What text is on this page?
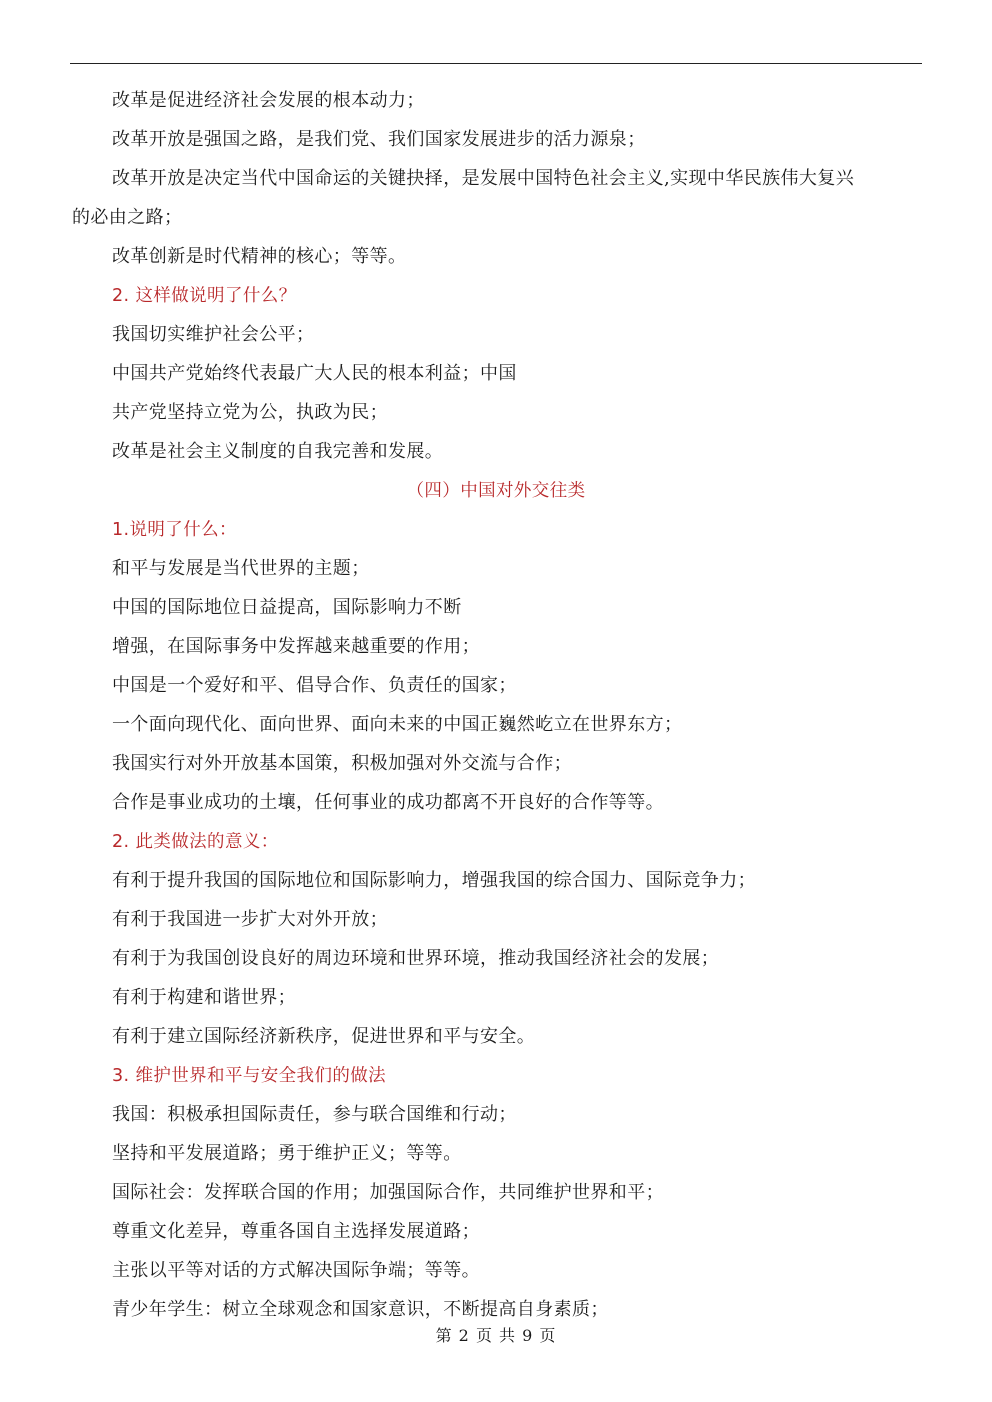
改革是促进经济社会发展的根本动力；
改革开放是强国之路，是我们党、我们国家发展进步的活力源泉；
改革开放是决定当代中国命运的关键抉择，是发展中国特色社会主义,实现中华民族伟大复兴
的必由之路；
改革创新是时代精神的核心；等等。
2. 这样做说明了什么？
我国切实维护社会公平；
中国共产党始终代表最广大人民的根本利益；中国
共产党坚持立党为公，执政为民；
改革是社会主义制度的自我完善和发展。
（四）中国对外交往类
1.说明了什么：
和平与发展是当代世界的主题；
中国的国际地位日益提高，国际影响力不断
增强，在国际事务中发挥越来越重要的作用；
中国是一个爱好和平、倡导合作、负责任的国家；
一个面向现代化、面向世界、面向未来的中国正巍然屹立在世界东方；
我国实行对外开放基本国策，积极加强对外交流与合作；
合作是事业成功的土壤，任何事业的成功都离不开良好的合作等等。
2. 此类做法的意义：
有利于提升我国的国际地位和国际影响力，增强我国的综合国力、国际竞争力；
有利于我国进一步扩大对外开放；
有利于为我国创设良好的周边环境和世界环境，推动我国经济社会的发展；
有利于构建和谐世界；
有利于建立国际经济新秩序，促进世界和平与安全。
3. 维护世界和平与安全我们的做法
我国：积极承担国际责任，参与联合国维和行动；
坚持和平发展道路；勇于维护正义；等等。
国际社会：发挥联合国的作用；加强国际合作，共同维护世界和平；
尊重文化差异，尊重各国自主选择发展道路；
主张以平等对话的方式解决国际争端；等等。
青少年学生：树立全球观念和国家意识，不断提高自身素质；
第 2 页 共 9 页
